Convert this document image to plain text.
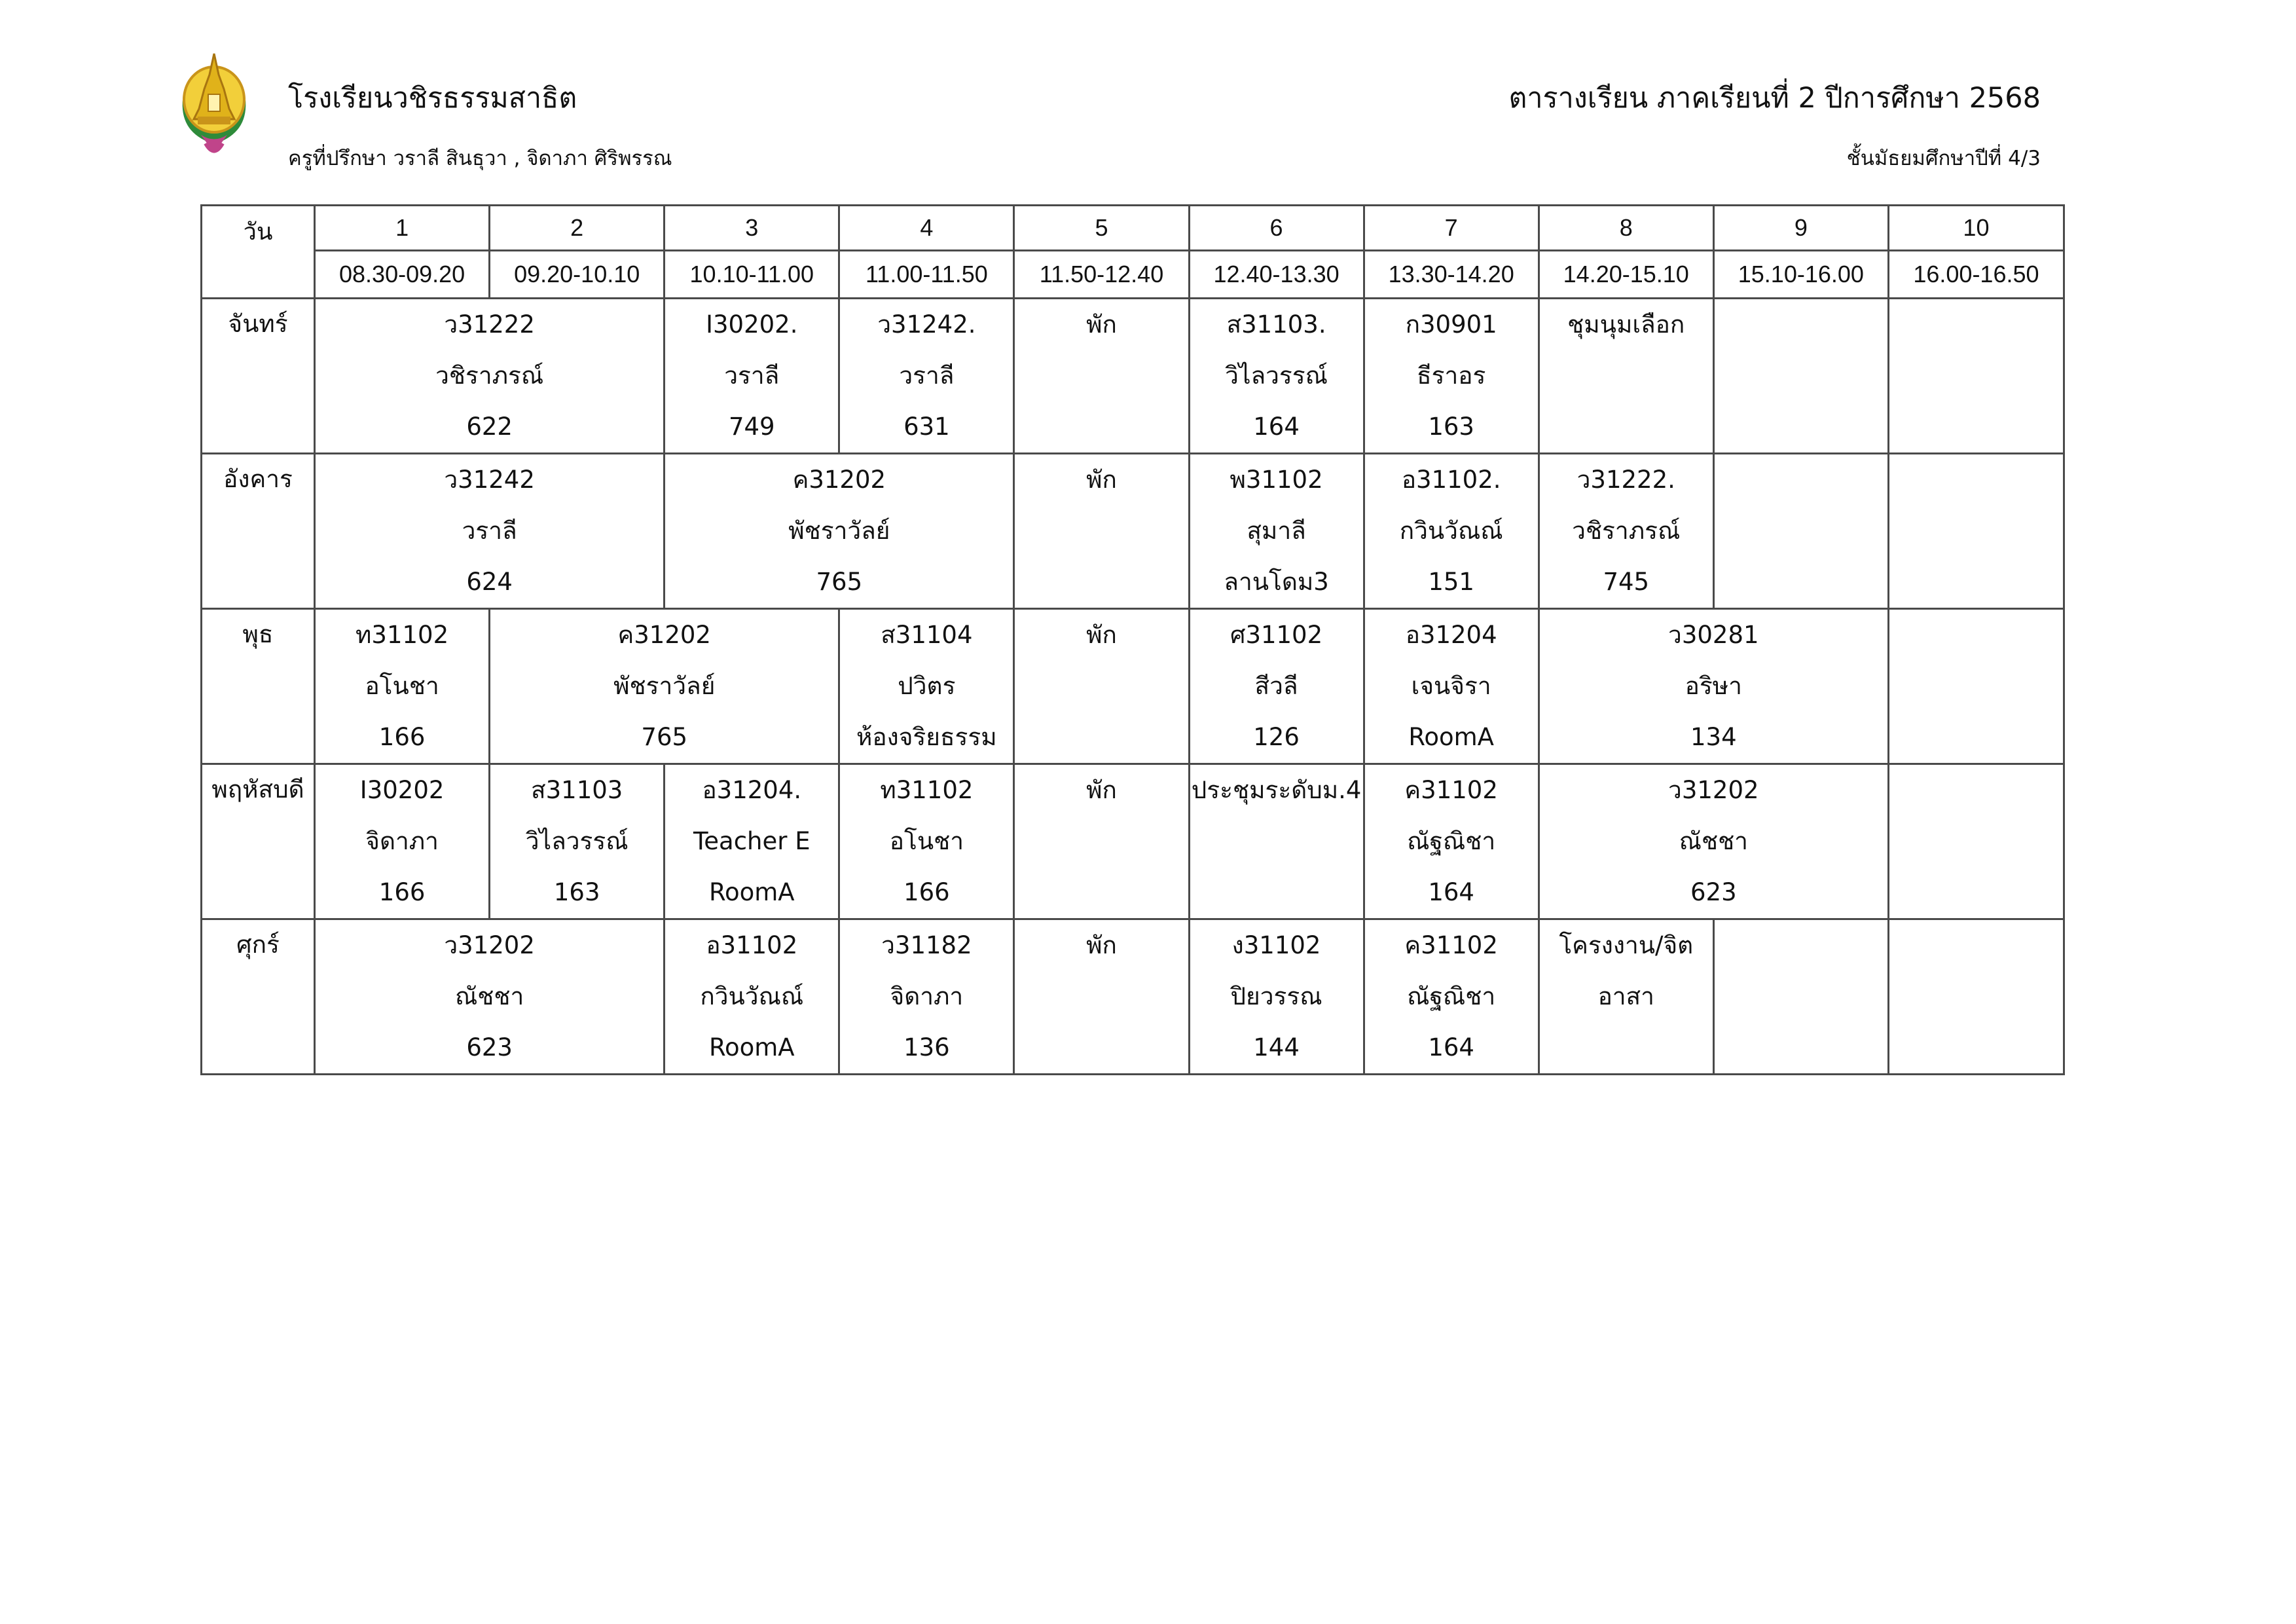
โรงเรียนวชิรธรรมสาธิต
ครูที่ปรึกษา วราลี สินธุวา , จิดาภา ศิริพรรณ
ตารางเรียน ภาคเรียนที่ 2 ปีการศึกษา 2568
ชั้นมัธยมศึกษาปีที่ 4/3
วัน	1	2	3	4	5	6	7	8	9	10
	08.30-09.20	09.20-10.10	10.10-11.00	11.00-11.50	11.50-12.40	12.40-13.30	13.30-14.20	14.20-15.10	15.10-16.00	16.00-16.50
จันทร์	ว31222
วชิราภรณ์
622		I30202.
วราลี
749	ว31242.
วราลี
631	พัก	ส31103.
วิไลวรรณ์
164	ก30901
ธีราอร
163	ชุมนุมเลือก		

อังคาร	ว31242
วราลี
624		ค31202
พัชราวัลย์
765		พัก	พ31102
สุมาลี
ลานโดม3	อ31102.
กวินวัณณ์
151	ว31222.
วชิราภรณ์
745		

พุธ	ท31102
อโนชา
166	ค31202
พัชราวัลย์
765		ส31104
ปวิตร
ห้องจริยธรรม	พัก	ศ31102
สีวลี
126	อ31204
เจนจิรา
RoomA	ว30281
อริษา
134		

พฤหัสบดี	I30202
จิดาภา
166	ส31103
วิไลวรรณ์
163	อ31204.
Teacher E
RoomA	ท31102
อโนชา
166	พัก	ประชุมระดับม.4	ค31102
ณัฐณิชา
164	ว31202
ณัชชา
623		

ศุกร์	ว31202
ณัชชา
623		อ31102
กวินวัณณ์
RoomA	ว31182
จิดาภา
136	พัก	ง31102
ปิยวรรณ
144	ค31102
ณัฐณิชา
164	โครงงาน/จิต
อาสา		
